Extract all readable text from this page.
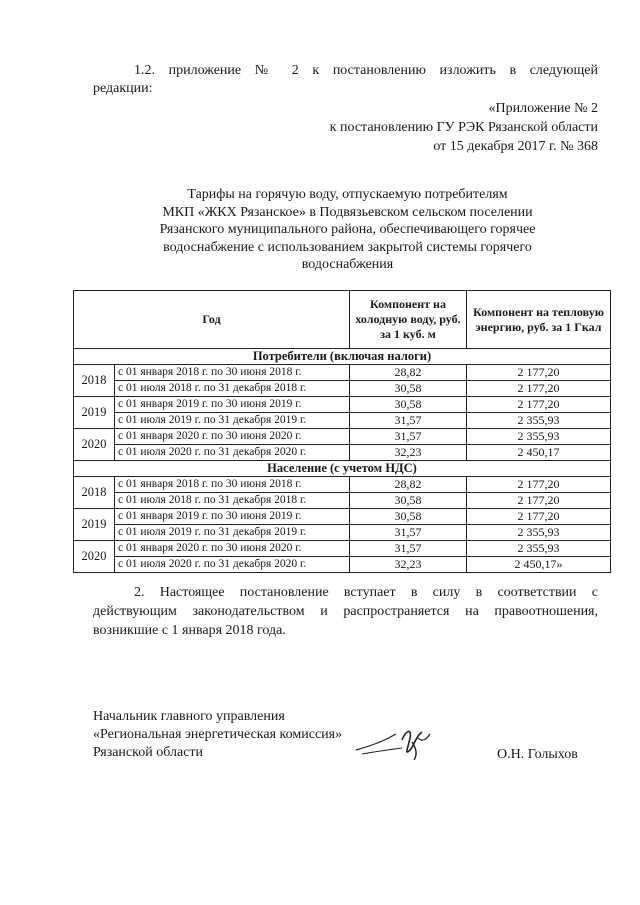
1.2. приложение № 2 к постановлению изложить в следующей

редакции:

«Приложение № 2

к постановлению ГУ РЭК Рязанской области

от 15 декабря 2017 г. № 368

Тарифы на горячую воду, отпускаемую потребителям
МКП «ЖКХ Рязанское» в Подвязьевском сельском поселении
Рязанского муниципального района, обеспечивающего горячее
водоснабжение с использованием закрытой системы горячего
водоснабжения
Год		Компонент на холодную воду, руб. за 1 куб. м	Компонент на тепловую энергию, руб. за 1 Гкал
Потребители (включая налоги)			
2018	с 01 января 2018 г. по 30 июня 2018 г.	28,82	2 177,20
	с 01 июля 2018 г. по 31 декабря 2018 г.	30,58	2 177,20
2019	с 01 января 2019 г. по 30 июня 2019 г.	30,58	2 177,20
	с 01 июля 2019 г. по 31 декабря 2019 г.	31,57	2 355,93
2020	с 01 января 2020 г. по 30 июня 2020 г.	31,57	2 355,93
	с 01 июля 2020 г. по 31 декабря 2020 г.	32,23	2 450,17
Население (с учетом НДС)			
2018	с 01 января 2018 г. по 30 июня 2018 г.	28,82	2 177,20
	с 01 июля 2018 г. по 31 декабря 2018 г.	30,58	2 177,20
2019	с 01 января 2019 г. по 30 июня 2019 г.	30,58	2 177,20
	с 01 июля 2019 г. по 31 декабря 2019 г.	31,57	2 355,93
2020	с 01 января 2020 г. по 30 июня 2020 г.	31,57	2 355,93
	с 01 июля 2020 г. по 31 декабря 2020 г.	32,23	2 450,17»

2. Настоящее постановление вступает в силу в соответствии с

действующим законодательством и распространяется на правоотношения,

возникшие с 1 января 2018 года.

Начальник главного управления

«Региональная энергетическая комиссия»

Рязанской области	О.Н. Голыхов
